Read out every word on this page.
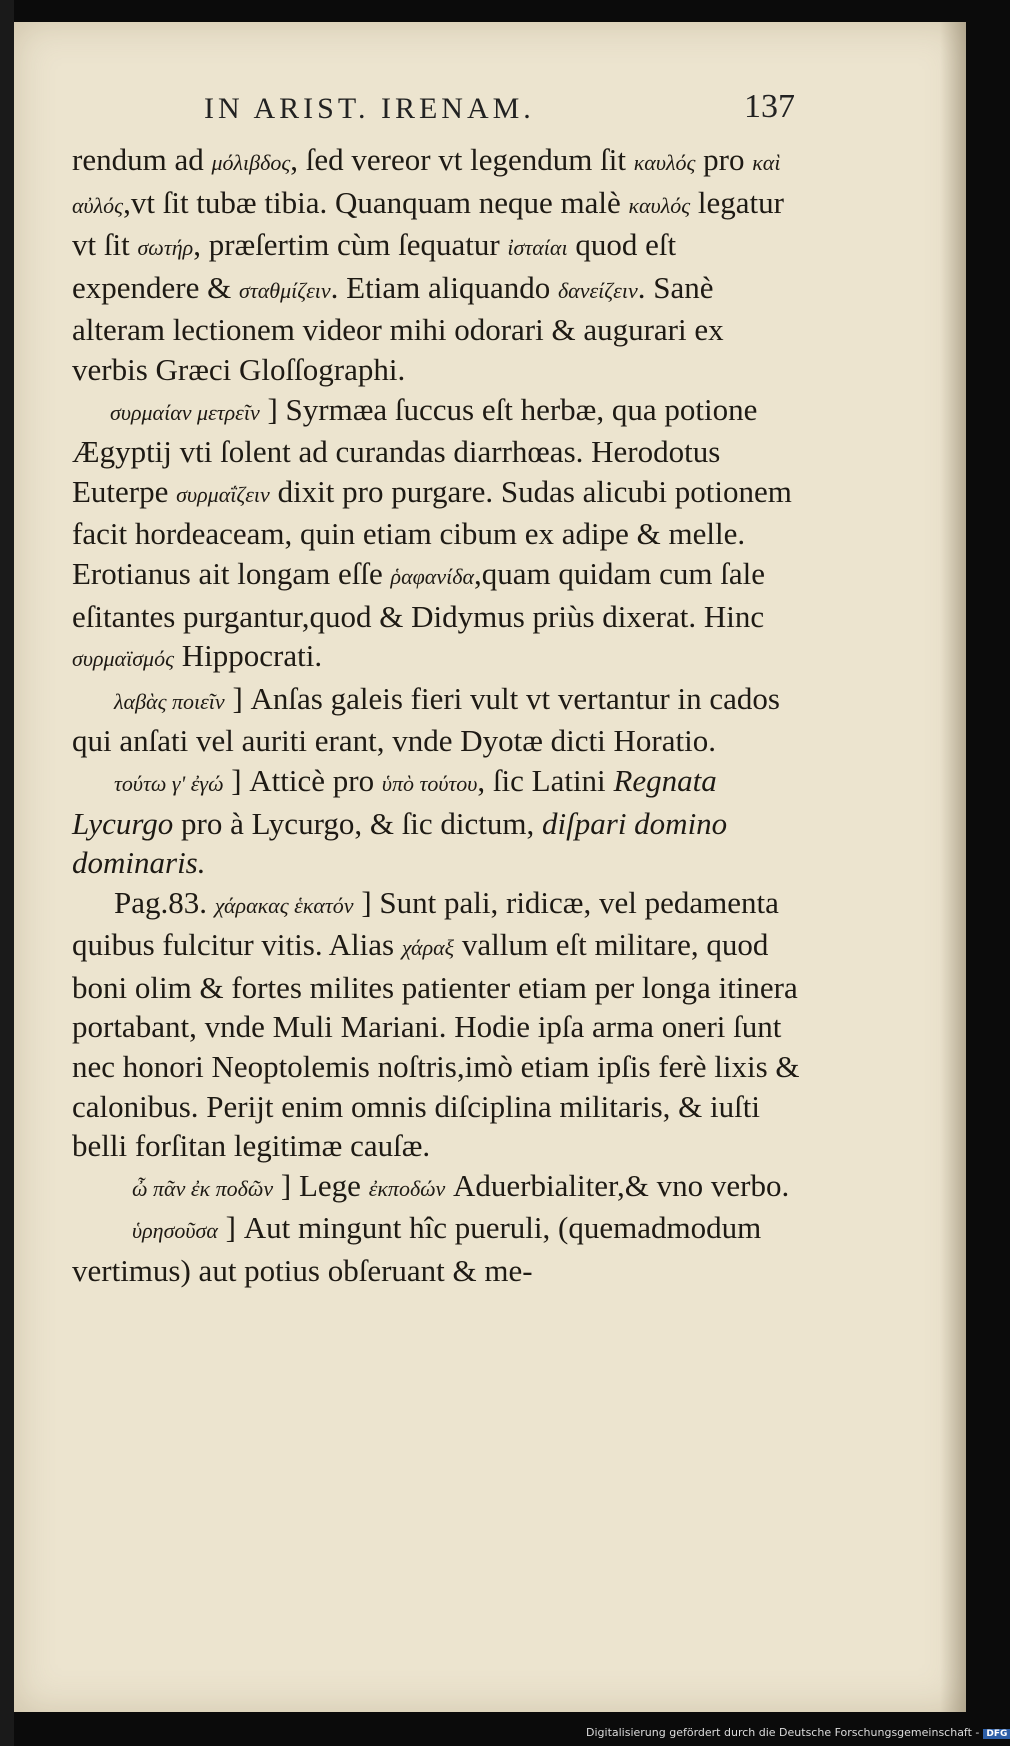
IN ARIST. IRENAM.	137

rendum ad μόλιβδος, ſed vereor vt legendum ſit καυλός pro καὶ αὐλός,vt ſit tubæ tibia. Quanquam neque malè καυλός legatur vt ſit σωτήρ, præſertim cùm ſequatur ἰσταίαι quod eſt expendere & σταθμίζειν. Etiam aliquando δανείζειν. Sanè alteram lectionem videor mihi odorari & augurari ex verbis Græci Gloſſographi.

συρμαίαν μετρεῖν ] Syrmæa ſuccus eſt herbæ, qua potione Ægyptij vti ſolent ad curandas diarrhœas. Herodotus Euterpe συρμαΐζειν dixit pro purgare. Sudas alicubi potionem facit hordeaceam, quin etiam cibum ex adipe & melle. Erotianus ait longam eſſe ῥαφανίδα,quam quidam cum ſale eſitantes purgantur,quod & Didymus priùs dixerat. Hinc συρμαϊσμός Hippocrati.

λαβὰς ποιεῖν ] Anſas galeis fieri vult vt vertantur in cados qui anſati vel auriti erant, vnde Dyotæ dicti Horatio.

τούτω γ' ἐγώ ] Atticè pro ὑπὸ τούτου, ſic Latini Regnata Lycurgo pro à Lycurgo, & ſic dictum, diſpari domino dominaris.

Pag.83. χάρακας ἑκατόν ] Sunt pali, ridicæ, vel pedamenta quibus fulcitur vitis. Alias χάραξ vallum eſt militare, quod boni olim & fortes milites patienter etiam per longa itinera portabant, vnde Muli Mariani. Hodie ipſa arma oneri ſunt nec honori Neoptolemis noſtris,imò etiam ipſis ferè lixis & calonibus. Perijt enim omnis diſciplina militaris, & iuſti belli forſitan legitimæ cauſæ.

ὦ πᾶν ἐκ ποδῶν ] Lege ἐκποδών Aduerbialiter,& vno verbo.

ὑρησοῦσα ] Aut mingunt hîc pueruli, (quemadmodum vertimus) aut potius obſeruant & me-

Digitalisierung gefördert durch die Deutsche Forschungsgemeinschaft - DFG
